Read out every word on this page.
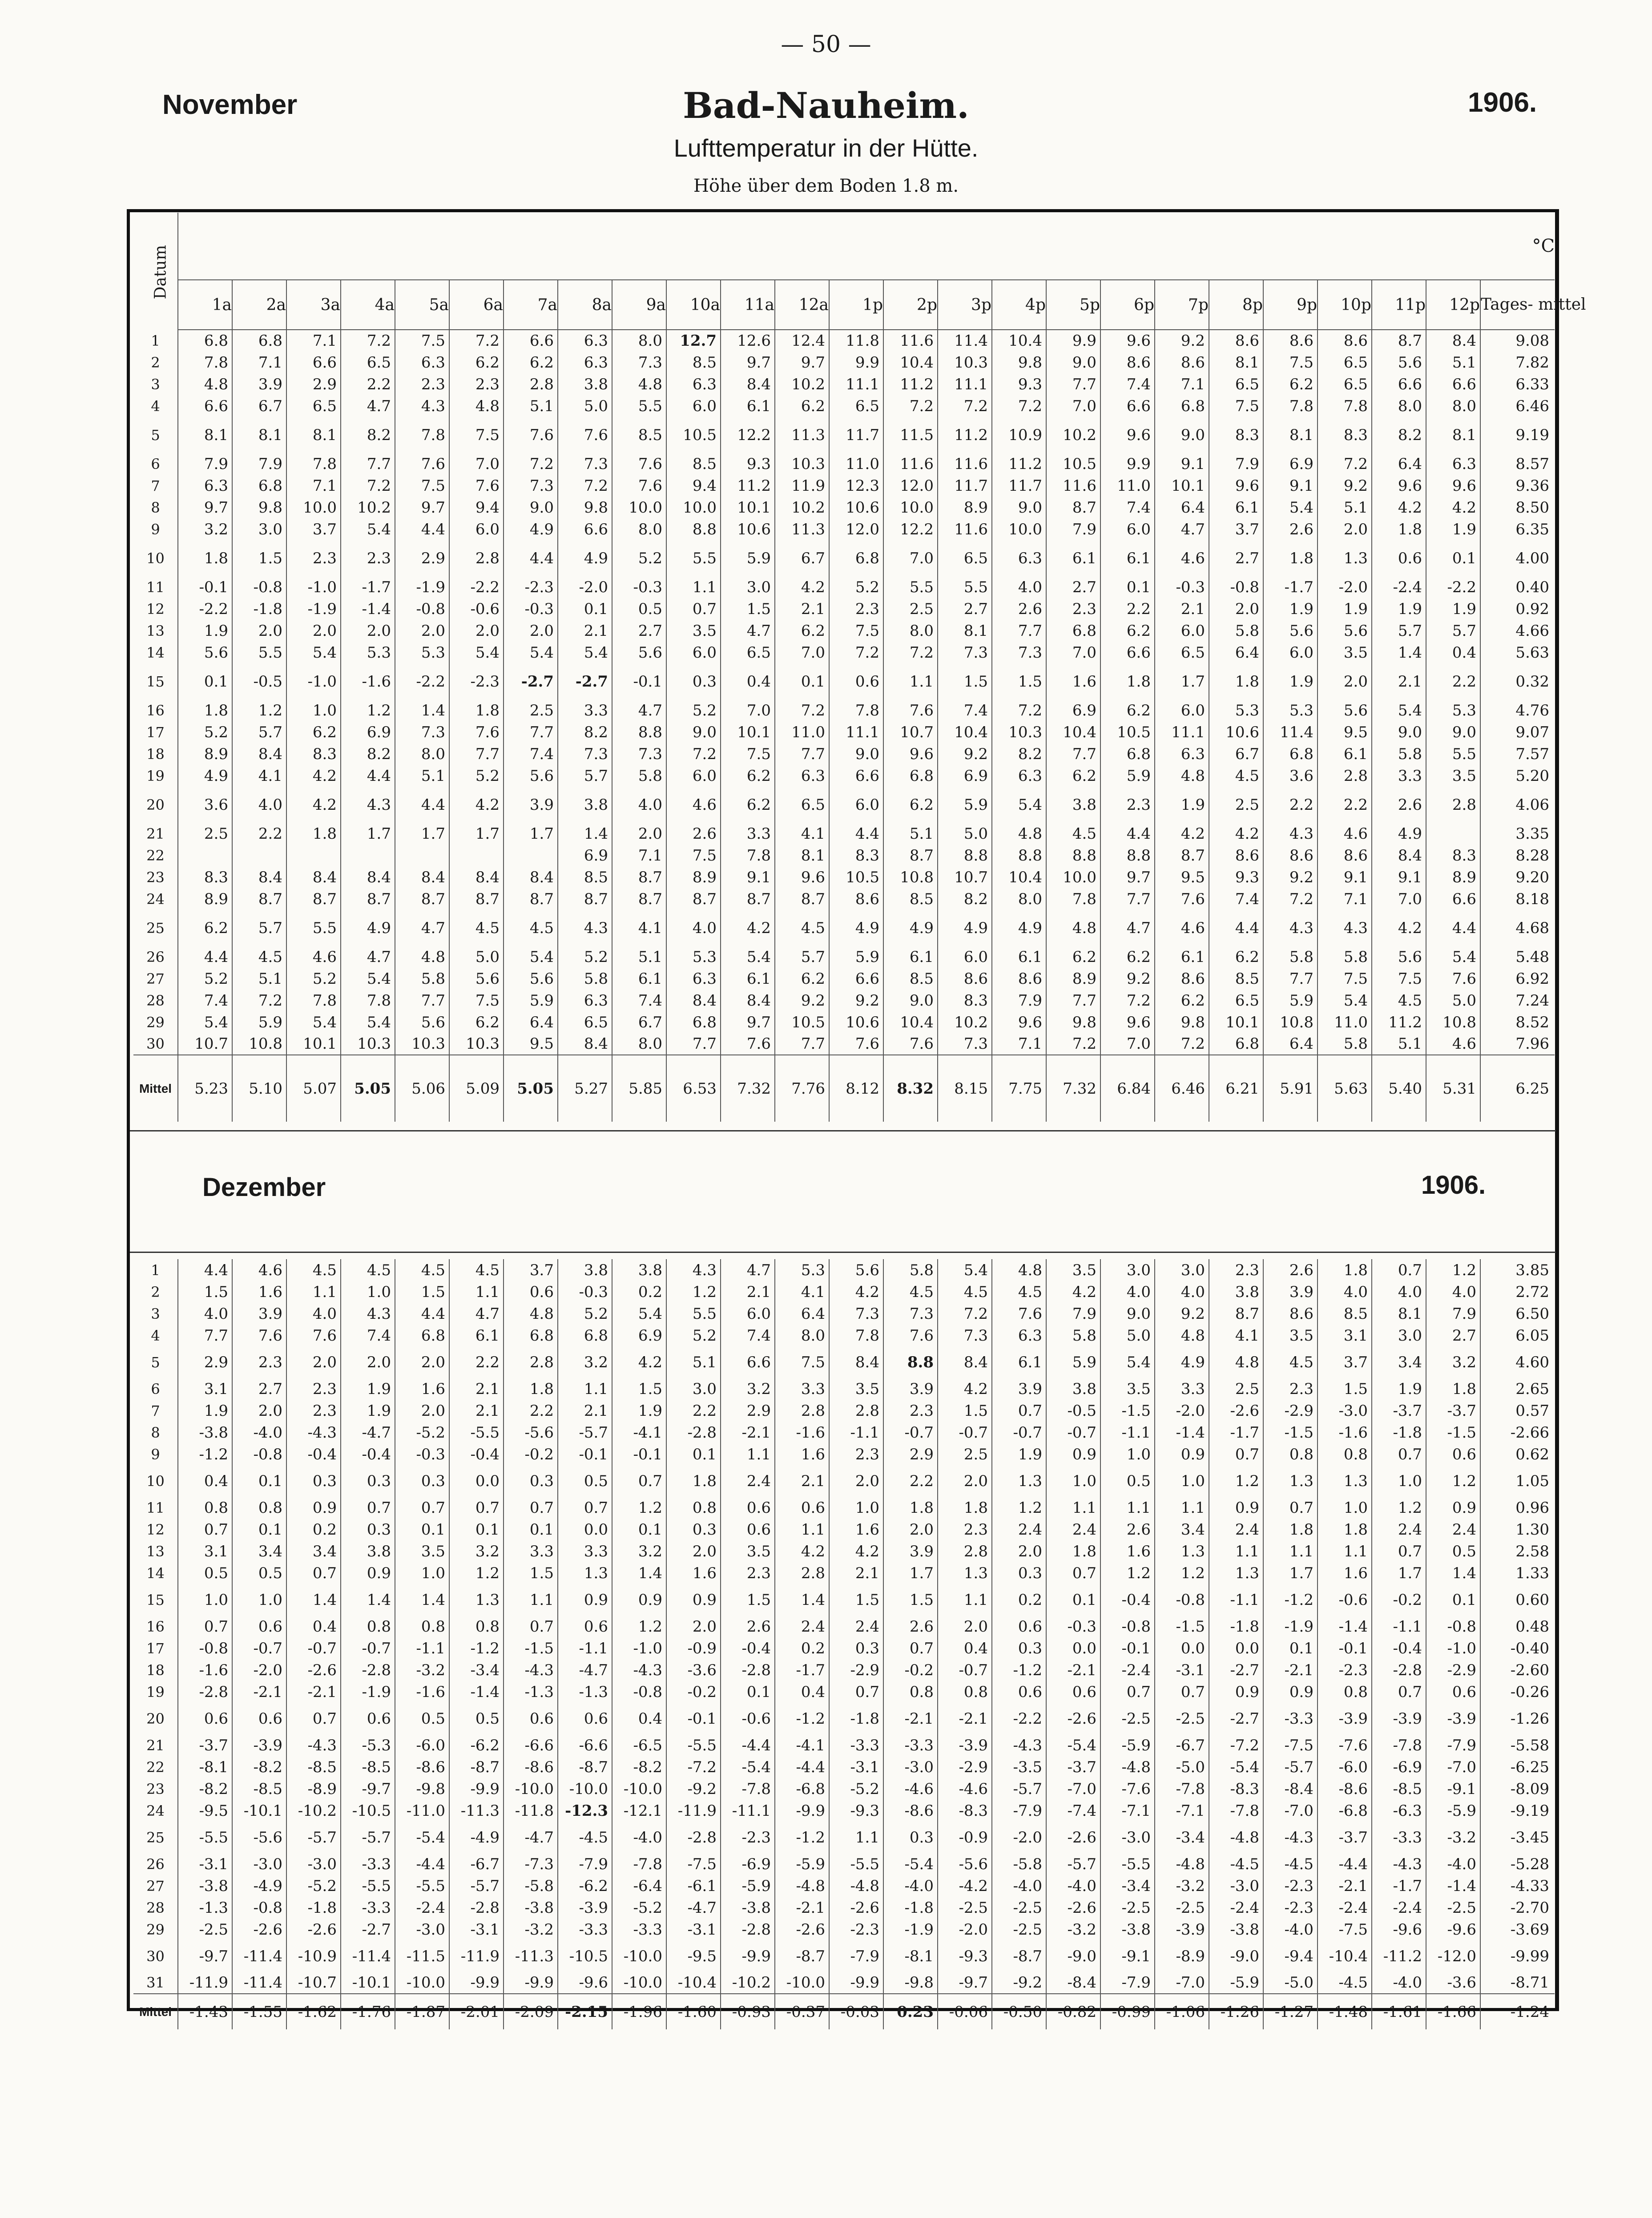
— 50 —
November	Bad-Nauheim.	1906.
Lufttemperatur in der Hütte.
Höhe über dem Boden 1.8 m.
Datum	°C																								
	1a	2a	3a	4a	5a	6a	7a	8a	9a	10a	11a	12a	1p	2p	3p	4p	5p	6p	7p	8p	9p	10p	11p	12p	Tages- mittel
1	6.8	6.8	7.1	7.2	7.5	7.2	6.6	6.3	8.0	12.7	12.6	12.4	11.8	11.6	11.4	10.4	9.9	9.6	9.2	8.6	8.6	8.6	8.7	8.4	9.08
2	7.8	7.1	6.6	6.5	6.3	6.2	6.2	6.3	7.3	8.5	9.7	9.7	9.9	10.4	10.3	9.8	9.0	8.6	8.6	8.1	7.5	6.5	5.6	5.1	7.82
3	4.8	3.9	2.9	2.2	2.3	2.3	2.8	3.8	4.8	6.3	8.4	10.2	11.1	11.2	11.1	9.3	7.7	7.4	7.1	6.5	6.2	6.5	6.6	6.6	6.33
4	6.6	6.7	6.5	4.7	4.3	4.8	5.1	5.0	5.5	6.0	6.1	6.2	6.5	7.2	7.2	7.2	7.0	6.6	6.8	7.5	7.8	7.8	8.0	8.0	6.46
5	8.1	8.1	8.1	8.2	7.8	7.5	7.6	7.6	8.5	10.5	12.2	11.3	11.7	11.5	11.2	10.9	10.2	9.6	9.0	8.3	8.1	8.3	8.2	8.1	9.19
6	7.9	7.9	7.8	7.7	7.6	7.0	7.2	7.3	7.6	8.5	9.3	10.3	11.0	11.6	11.6	11.2	10.5	9.9	9.1	7.9	6.9	7.2	6.4	6.3	8.57
7	6.3	6.8	7.1	7.2	7.5	7.6	7.3	7.2	7.6	9.4	11.2	11.9	12.3	12.0	11.7	11.7	11.6	11.0	10.1	9.6	9.1	9.2	9.6	9.6	9.36
8	9.7	9.8	10.0	10.2	9.7	9.4	9.0	9.8	10.0	10.0	10.1	10.2	10.6	10.0	8.9	9.0	8.7	7.4	6.4	6.1	5.4	5.1	4.2	4.2	8.50
9	3.2	3.0	3.7	5.4	4.4	6.0	4.9	6.6	8.0	8.8	10.6	11.3	12.0	12.2	11.6	10.0	7.9	6.0	4.7	3.7	2.6	2.0	1.8	1.9	6.35
10	1.8	1.5	2.3	2.3	2.9	2.8	4.4	4.9	5.2	5.5	5.9	6.7	6.8	7.0	6.5	6.3	6.1	6.1	4.6	2.7	1.8	1.3	0.6	0.1	4.00
11	-0.1	-0.8	-1.0	-1.7	-1.9	-2.2	-2.3	-2.0	-0.3	1.1	3.0	4.2	5.2	5.5	5.5	4.0	2.7	0.1	-0.3	-0.8	-1.7	-2.0	-2.4	-2.2	0.40
12	-2.2	-1.8	-1.9	-1.4	-0.8	-0.6	-0.3	0.1	0.5	0.7	1.5	2.1	2.3	2.5	2.7	2.6	2.3	2.2	2.1	2.0	1.9	1.9	1.9	1.9	0.92
13	1.9	2.0	2.0	2.0	2.0	2.0	2.0	2.1	2.7	3.5	4.7	6.2	7.5	8.0	8.1	7.7	6.8	6.2	6.0	5.8	5.6	5.6	5.7	5.7	4.66
14	5.6	5.5	5.4	5.3	5.3	5.4	5.4	5.4	5.6	6.0	6.5	7.0	7.2	7.2	7.3	7.3	7.0	6.6	6.5	6.4	6.0	3.5	1.4	0.4	5.63
15	0.1	-0.5	-1.0	-1.6	-2.2	-2.3	-2.7	-2.7	-0.1	0.3	0.4	0.1	0.6	1.1	1.5	1.5	1.6	1.8	1.7	1.8	1.9	2.0	2.1	2.2	0.32
16	1.8	1.2	1.0	1.2	1.4	1.8	2.5	3.3	4.7	5.2	7.0	7.2	7.8	7.6	7.4	7.2	6.9	6.2	6.0	5.3	5.3	5.6	5.4	5.3	4.76
17	5.2	5.7	6.2	6.9	7.3	7.6	7.7	8.2	8.8	9.0	10.1	11.0	11.1	10.7	10.4	10.3	10.4	10.5	11.1	10.6	11.4	9.5	9.0	9.0	9.07
18	8.9	8.4	8.3	8.2	8.0	7.7	7.4	7.3	7.3	7.2	7.5	7.7	9.0	9.6	9.2	8.2	7.7	6.8	6.3	6.7	6.8	6.1	5.8	5.5	7.57
19	4.9	4.1	4.2	4.4	5.1	5.2	5.6	5.7	5.8	6.0	6.2	6.3	6.6	6.8	6.9	6.3	6.2	5.9	4.8	4.5	3.6	2.8	3.3	3.5	5.20
20	3.6	4.0	4.2	4.3	4.4	4.2	3.9	3.8	4.0	4.6	6.2	6.5	6.0	6.2	5.9	5.4	3.8	2.3	1.9	2.5	2.2	2.2	2.6	2.8	4.06
21	2.5	2.2	1.8	1.7	1.7	1.7	1.7	1.4	2.0	2.6	3.3	4.1	4.4	5.1	5.0	4.8	4.5	4.4	4.2	4.2	4.3	4.6	4.9		3.35
22								6.9	7.1	7.5	7.8	8.1	8.3	8.7	8.8	8.8	8.8	8.8	8.7	8.6	8.6	8.6	8.4	8.3	8.28
23	8.3	8.4	8.4	8.4	8.4	8.4	8.4	8.5	8.7	8.9	9.1	9.6	10.5	10.8	10.7	10.4	10.0	9.7	9.5	9.3	9.2	9.1	9.1	8.9	9.20
24	8.9	8.7	8.7	8.7	8.7	8.7	8.7	8.7	8.7	8.7	8.7	8.7	8.6	8.5	8.2	8.0	7.8	7.7	7.6	7.4	7.2	7.1	7.0	6.6	8.18
25	6.2	5.7	5.5	4.9	4.7	4.5	4.5	4.3	4.1	4.0	4.2	4.5	4.9	4.9	4.9	4.9	4.8	4.7	4.6	4.4	4.3	4.3	4.2	4.4	4.68
26	4.4	4.5	4.6	4.7	4.8	5.0	5.4	5.2	5.1	5.3	5.4	5.7	5.9	6.1	6.0	6.1	6.2	6.2	6.1	6.2	5.8	5.8	5.6	5.4	5.48
27	5.2	5.1	5.2	5.4	5.8	5.6	5.6	5.8	6.1	6.3	6.1	6.2	6.6	8.5	8.6	8.6	8.9	9.2	8.6	8.5	7.7	7.5	7.5	7.6	6.92
28	7.4	7.2	7.8	7.8	7.7	7.5	5.9	6.3	7.4	8.4	8.4	9.2	9.2	9.0	8.3	7.9	7.7	7.2	6.2	6.5	5.9	5.4	4.5	5.0	7.24
29	5.4	5.9	5.4	5.4	5.6	6.2	6.4	6.5	6.7	6.8	9.7	10.5	10.6	10.4	10.2	9.6	9.8	9.6	9.8	10.1	10.8	11.0	11.2	10.8	8.52
30	10.7	10.8	10.1	10.3	10.3	10.3	9.5	8.4	8.0	7.7	7.6	7.7	7.6	7.6	7.3	7.1	7.2	7.0	7.2	6.8	6.4	5.8	5.1	4.6	7.96
Mittel	5.23	5.10	5.07	5.05	5.06	5.09	5.05	5.27	5.85	6.53	7.32	7.76	8.12	8.32	8.15	7.75	7.32	6.84	6.46	6.21	5.91	5.63	5.40	5.31	6.25
Dezember	1906.
1	4.4	4.6	4.5	4.5	4.5	4.5	3.7	3.8	3.8	4.3	4.7	5.3	5.6	5.8	5.4	4.8	3.5	3.0	3.0	2.3	2.6	1.8	0.7	1.2	3.85
2	1.5	1.6	1.1	1.0	1.5	1.1	0.6	-0.3	0.2	1.2	2.1	4.1	4.2	4.5	4.5	4.5	4.2	4.0	4.0	3.8	3.9	4.0	4.0	4.0	2.72
3	4.0	3.9	4.0	4.3	4.4	4.7	4.8	5.2	5.4	5.5	6.0	6.4	7.3	7.3	7.2	7.6	7.9	9.0	9.2	8.7	8.6	8.5	8.1	7.9	6.50
4	7.7	7.6	7.6	7.4	6.8	6.1	6.8	6.8	6.9	5.2	7.4	8.0	7.8	7.6	7.3	6.3	5.8	5.0	4.8	4.1	3.5	3.1	3.0	2.7	6.05
5	2.9	2.3	2.0	2.0	2.0	2.2	2.8	3.2	4.2	5.1	6.6	7.5	8.4	8.8	8.4	6.1	5.9	5.4	4.9	4.8	4.5	3.7	3.4	3.2	4.60
6	3.1	2.7	2.3	1.9	1.6	2.1	1.8	1.1	1.5	3.0	3.2	3.3	3.5	3.9	4.2	3.9	3.8	3.5	3.3	2.5	2.3	1.5	1.9	1.8	2.65
7	1.9	2.0	2.3	1.9	2.0	2.1	2.2	2.1	1.9	2.2	2.9	2.8	2.8	2.3	1.5	0.7	-0.5	-1.5	-2.0	-2.6	-2.9	-3.0	-3.7	-3.7	0.57
8	-3.8	-4.0	-4.3	-4.7	-5.2	-5.5	-5.6	-5.7	-4.1	-2.8	-2.1	-1.6	-1.1	-0.7	-0.7	-0.7	-0.7	-1.1	-1.4	-1.7	-1.5	-1.6	-1.8	-1.5	-2.66
9	-1.2	-0.8	-0.4	-0.4	-0.3	-0.4	-0.2	-0.1	-0.1	0.1	1.1	1.6	2.3	2.9	2.5	1.9	0.9	1.0	0.9	0.7	0.8	0.8	0.7	0.6	0.62
10	0.4	0.1	0.3	0.3	0.3	0.0	0.3	0.5	0.7	1.8	2.4	2.1	2.0	2.2	2.0	1.3	1.0	0.5	1.0	1.2	1.3	1.3	1.0	1.2	1.05
11	0.8	0.8	0.9	0.7	0.7	0.7	0.7	0.7	1.2	0.8	0.6	0.6	1.0	1.8	1.8	1.2	1.1	1.1	1.1	0.9	0.7	1.0	1.2	0.9	0.96
12	0.7	0.1	0.2	0.3	0.1	0.1	0.1	0.0	0.1	0.3	0.6	1.1	1.6	2.0	2.3	2.4	2.4	2.6	3.4	2.4	1.8	1.8	2.4	2.4	1.30
13	3.1	3.4	3.4	3.8	3.5	3.2	3.3	3.3	3.2	2.0	3.5	4.2	4.2	3.9	2.8	2.0	1.8	1.6	1.3	1.1	1.1	1.1	0.7	0.5	2.58
14	0.5	0.5	0.7	0.9	1.0	1.2	1.5	1.3	1.4	1.6	2.3	2.8	2.1	1.7	1.3	0.3	0.7	1.2	1.2	1.3	1.7	1.6	1.7	1.4	1.33
15	1.0	1.0	1.4	1.4	1.4	1.3	1.1	0.9	0.9	0.9	1.5	1.4	1.5	1.5	1.1	0.2	0.1	-0.4	-0.8	-1.1	-1.2	-0.6	-0.2	0.1	0.60
16	0.7	0.6	0.4	0.8	0.8	0.8	0.7	0.6	1.2	2.0	2.6	2.4	2.4	2.6	2.0	0.6	-0.3	-0.8	-1.5	-1.8	-1.9	-1.4	-1.1	-0.8	0.48
17	-0.8	-0.7	-0.7	-0.7	-1.1	-1.2	-1.5	-1.1	-1.0	-0.9	-0.4	0.2	0.3	0.7	0.4	0.3	0.0	-0.1	0.0	0.0	0.1	-0.1	-0.4	-1.0	-0.40
18	-1.6	-2.0	-2.6	-2.8	-3.2	-3.4	-4.3	-4.7	-4.3	-3.6	-2.8	-1.7	-2.9	-0.2	-0.7	-1.2	-2.1	-2.4	-3.1	-2.7	-2.1	-2.3	-2.8	-2.9	-2.60
19	-2.8	-2.1	-2.1	-1.9	-1.6	-1.4	-1.3	-1.3	-0.8	-0.2	0.1	0.4	0.7	0.8	0.8	0.6	0.6	0.7	0.7	0.9	0.9	0.8	0.7	0.6	-0.26
20	0.6	0.6	0.7	0.6	0.5	0.5	0.6	0.6	0.4	-0.1	-0.6	-1.2	-1.8	-2.1	-2.1	-2.2	-2.6	-2.5	-2.5	-2.7	-3.3	-3.9	-3.9	-3.9	-1.26
21	-3.7	-3.9	-4.3	-5.3	-6.0	-6.2	-6.6	-6.6	-6.5	-5.5	-4.4	-4.1	-3.3	-3.3	-3.9	-4.3	-5.4	-5.9	-6.7	-7.2	-7.5	-7.6	-7.8	-7.9	-5.58
22	-8.1	-8.2	-8.5	-8.5	-8.6	-8.7	-8.6	-8.7	-8.2	-7.2	-5.4	-4.4	-3.1	-3.0	-2.9	-3.5	-3.7	-4.8	-5.0	-5.4	-5.7	-6.0	-6.9	-7.0	-6.25
23	-8.2	-8.5	-8.9	-9.7	-9.8	-9.9	-10.0	-10.0	-10.0	-9.2	-7.8	-6.8	-5.2	-4.6	-4.6	-5.7	-7.0	-7.6	-7.8	-8.3	-8.4	-8.6	-8.5	-9.1	-8.09
24	-9.5	-10.1	-10.2	-10.5	-11.0	-11.3	-11.8	-12.3	-12.1	-11.9	-11.1	-9.9	-9.3	-8.6	-8.3	-7.9	-7.4	-7.1	-7.1	-7.8	-7.0	-6.8	-6.3	-5.9	-9.19
25	-5.5	-5.6	-5.7	-5.7	-5.4	-4.9	-4.7	-4.5	-4.0	-2.8	-2.3	-1.2	1.1	0.3	-0.9	-2.0	-2.6	-3.0	-3.4	-4.8	-4.3	-3.7	-3.3	-3.2	-3.45
26	-3.1	-3.0	-3.0	-3.3	-4.4	-6.7	-7.3	-7.9	-7.8	-7.5	-6.9	-5.9	-5.5	-5.4	-5.6	-5.8	-5.7	-5.5	-4.8	-4.5	-4.5	-4.4	-4.3	-4.0	-5.28
27	-3.8	-4.9	-5.2	-5.5	-5.5	-5.7	-5.8	-6.2	-6.4	-6.1	-5.9	-4.8	-4.8	-4.0	-4.2	-4.0	-4.0	-3.4	-3.2	-3.0	-2.3	-2.1	-1.7	-1.4	-4.33
28	-1.3	-0.8	-1.8	-3.3	-2.4	-2.8	-3.8	-3.9	-5.2	-4.7	-3.8	-2.1	-2.6	-1.8	-2.5	-2.5	-2.6	-2.5	-2.5	-2.4	-2.3	-2.4	-2.4	-2.5	-2.70
29	-2.5	-2.6	-2.6	-2.7	-3.0	-3.1	-3.2	-3.3	-3.3	-3.1	-2.8	-2.6	-2.3	-1.9	-2.0	-2.5	-3.2	-3.8	-3.9	-3.8	-4.0	-7.5	-9.6	-9.6	-3.69
30	-9.7	-11.4	-10.9	-11.4	-11.5	-11.9	-11.3	-10.5	-10.0	-9.5	-9.9	-8.7	-7.9	-8.1	-9.3	-8.7	-9.0	-9.1	-8.9	-9.0	-9.4	-10.4	-11.2	-12.0	-9.99
31	-11.9	-11.4	-10.7	-10.1	-10.0	-9.9	-9.9	-9.6	-10.0	-10.4	-10.2	-10.0	-9.9	-9.8	-9.7	-9.2	-8.4	-7.9	-7.0	-5.9	-5.0	-4.5	-4.0	-3.6	-8.71
Mittel	-1.43	-1.55	-1.62	-1.76	-1.87	-2.01	-2.09	-2.15	-1.96	-1.60	-0.93	-0.37	-0.03	0.23	-0.06	-0.50	-0.82	-0.99	-1.06	-1.26	-1.27	-1.48	-1.61	-1.66	-1.24
